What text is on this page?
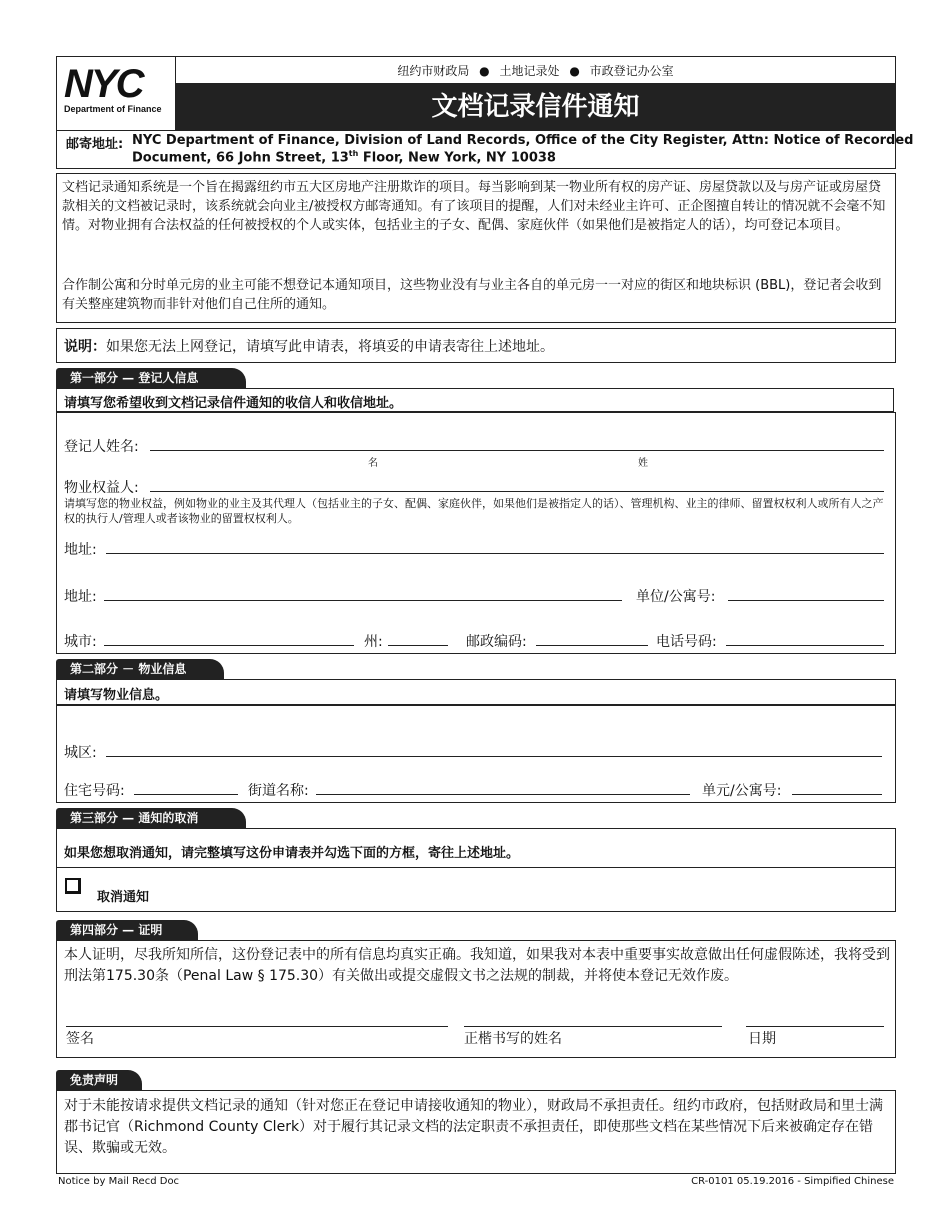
NYC
Department of Finance
纽约市财政局 ● 土地记录处 ● 市政登记办公室
文档记录信件通知
邮寄地址: NYC Department of Finance, Division of Land Records, Office of the City Register, Attn: Notice of Recorded
Document, 66 John Street, 13th Floor, New York, NY 10038
文档记录通知系统是一个旨在揭露纽约市五大区房地产注册欺诈的项目。每当影响到某一物业所有权的房产证、房屋贷款以及与房产证或房屋贷款相关的文档被记录时，该系统就会向业主/被授权方邮寄通知。有了该项目的提醒，人们对未经业主许可、正企图擅自转让的情况就不会毫不知情。对物业拥有合法权益的任何被授权的个人或实体，包括业主的子女、配偶、家庭伙伴（如果他们是被指定人的话），均可登记本项目。
合作制公寓和分时单元房的业主可能不想登记本通知项目，这些物业没有与业主各自的单元房一一对应的街区和地块标识 (BBL)，登记者会收到有关整座建筑物而非针对他们自己住所的通知。
说明：如果您无法上网登记，请填写此申请表，将填妥的申请表寄往上述地址。
第一部分 — 登记人信息
请填写您希望收到文档记录信件通知的收信人和收信地址。
登记人姓名:
名	姓
物业权益人:
请填写您的物业权益，例如物业的业主及其代理人（包括业主的子女、配偶、家庭伙伴，如果他们是被指定人的话）、管理机构、业主的律师、留置权权利人或所有人之产权的执行人/管理人或者该物业的留置权权利人。
地址:
地址:	单位/公寓号:
城市:	州:	邮政编码:	电话号码:
第二部分 － 物业信息
请填写物业信息。
城区:
住宅号码:	街道名称:	单元/公寓号:
第三部分 — 通知的取消
如果您想取消通知，请完整填写这份申请表并勾选下面的方框，寄往上述地址。
取消通知
第四部分 — 证明
本人证明，尽我所知所信，这份登记表中的所有信息均真实正确。我知道，如果我对本表中重要事实故意做出任何虚假陈述，我将受到刑法第175.30条（Penal Law § 175.30）有关做出或提交虚假文书之法规的制裁，并将使本登记无效作废。
签名	正楷书写的姓名	日期
免责声明
对于未能按请求提供文档记录的通知（针对您正在登记申请接收通知的物业），财政局不承担责任。纽约市政府，包括财政局和里士满郡书记官（Richmond County Clerk）对于履行其记录文档的法定职责不承担责任，即使那些文档在某些情况下后来被确定存在错误、欺骗或无效。
Notice by Mail Recd Doc	CR-0101 05.19.2016 - Simpified Chinese
